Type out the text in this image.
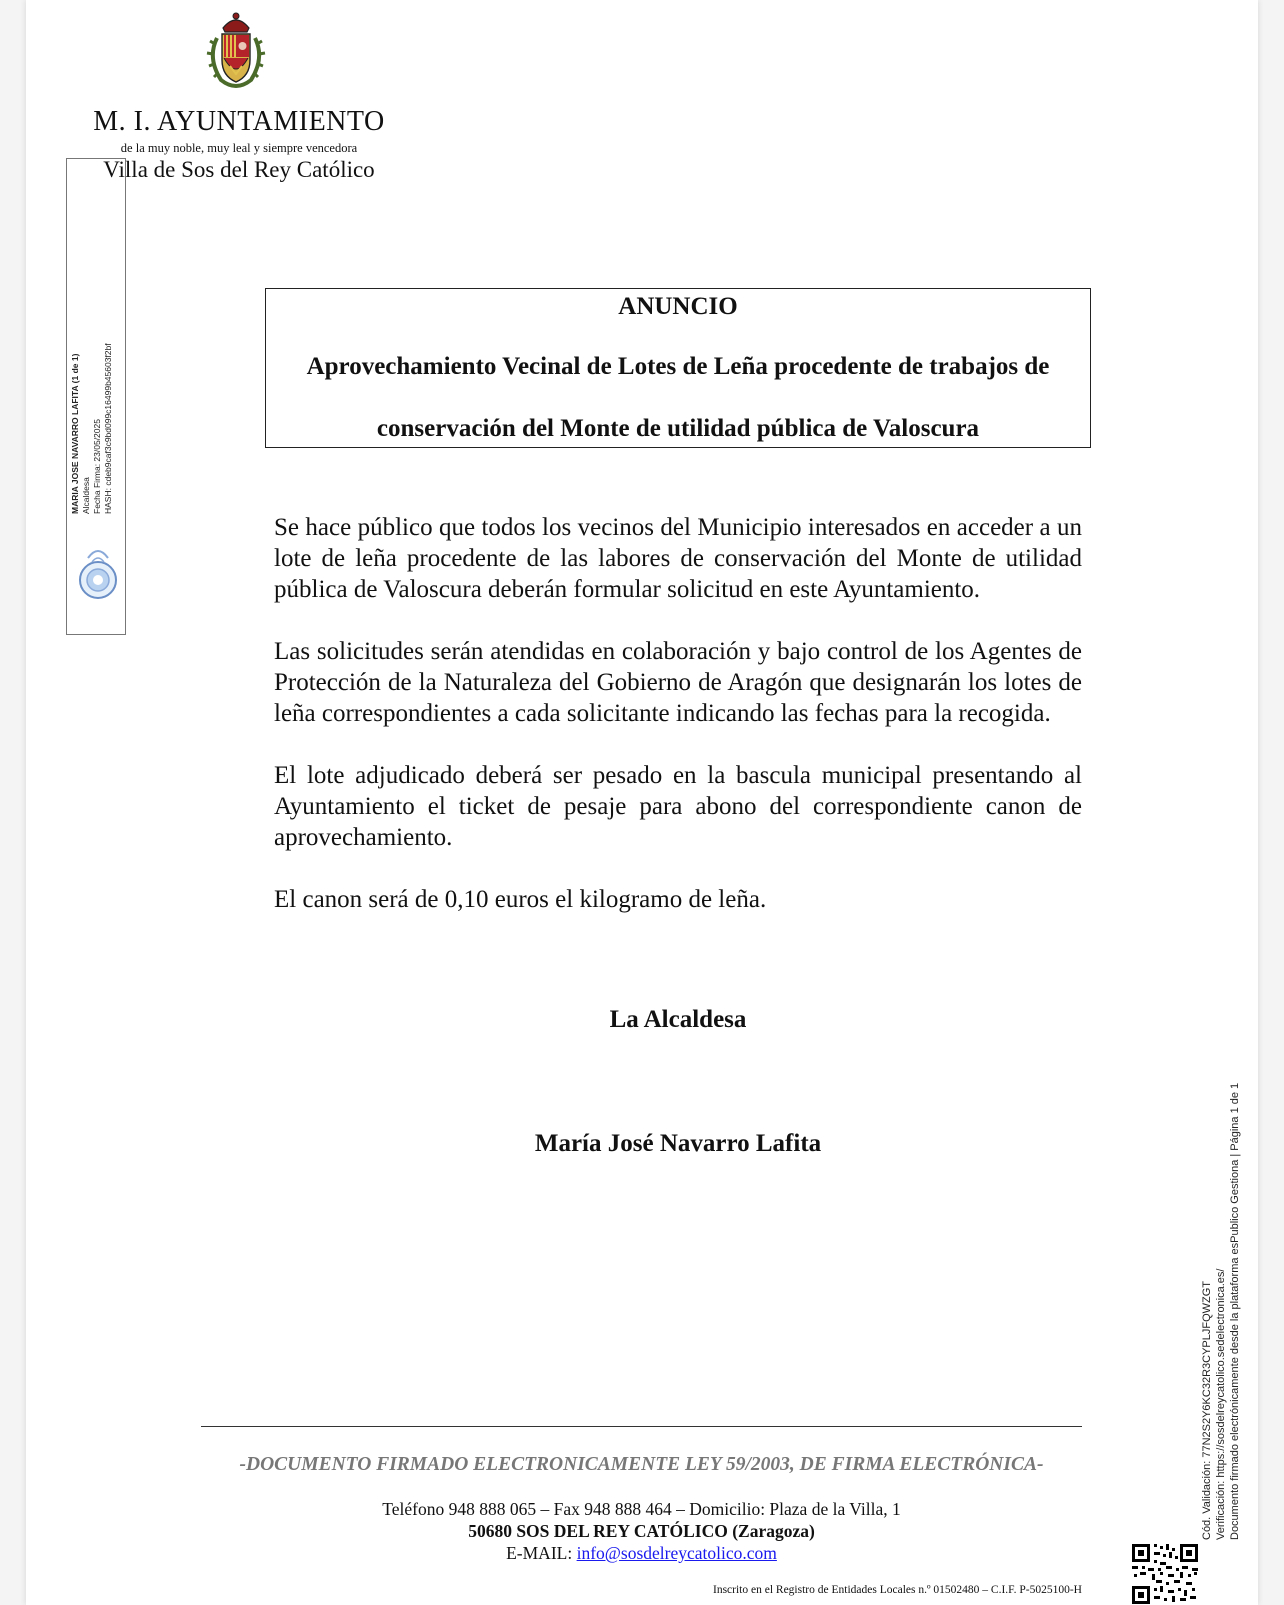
M. I. AYUNTAMIENTO
de la muy noble, muy leal y siempre vencedora
Villa de Sos del Rey Católico
MARIA JOSE NAVARRO LAFITA (1 de 1) Alcaldesa Fecha Firma: 23/05/2025 HASH: cdeb9caf3c9bd099c16499b45603f2bf
ANUNCIO
Aprovechamiento Vecinal de Lotes de Leña procedente de trabajos de
conservación del Monte de utilidad pública de Valoscura

Se hace público que todos los vecinos del Municipio interesados en acceder a un lote de leña procedente de las labores de conservación del Monte de utilidad pública de Valoscura deberán formular solicitud en este Ayuntamiento.

Las solicitudes serán atendidas en colaboración y bajo control de los Agentes de Protección de la Naturaleza del Gobierno de Aragón que designarán los lotes de leña correspondientes a cada solicitante indicando las fechas para la recogida.

El lote adjudicado deberá ser pesado en la bascula municipal presentando al Ayuntamiento el ticket de pesaje para abono del correspondiente canon de aprovechamiento.

El canon será de 0,10 euros el kilogramo de leña.

La Alcaldesa
María José Navarro Lafita
-DOCUMENTO FIRMADO ELECTRONICAMENTE LEY 59/2003, DE FIRMA ELECTRÓNICA-
Teléfono 948 888 065 – Fax 948 888 464 – Domicilio: Plaza de la Villa, 1
50680 SOS DEL REY CATÓLICO (Zaragoza)
E-MAIL: info@sosdelreycatolico.com
Inscrito en el Registro de Entidades Locales n.º 01502480 – C.I.F. P-5025100-H
Cód. Validación: 77N2S2Y6KC32R3CYPLJFQWZGT Verificación: https://sosdelreycatolico.sedelectronica.es/ Documento firmado electrónicamente desde la plataforma esPublico Gestiona | Página 1 de 1
